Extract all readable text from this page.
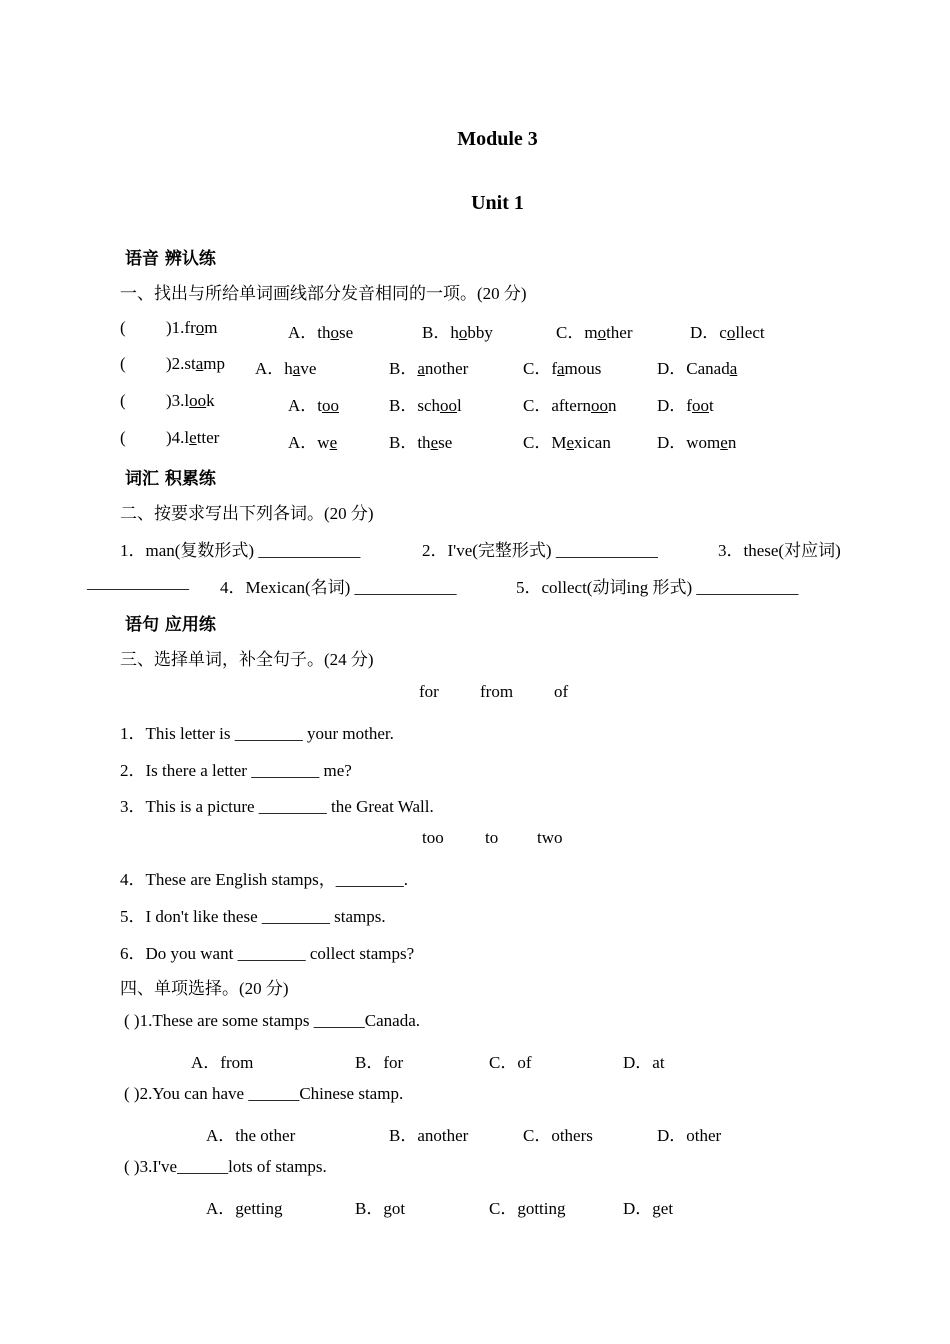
Module 3
Unit 1
语音 辨认练
一、找出与所给单词画线部分发音相同的一项。(20 分)
( )1.from	A．those	B．hobby	C．mother	D．collect
( )2.stamp A．have	B．another	C．famous	D．Canada
( )3.look	A．too	B．school	C．afternoon D．foot
( )4.letter	A．we	B．these	C．Mexican	D．women
词汇 积累练
二、按要求写出下列各词。(20 分)
1．man(复数形式) ____________	2．I've(完整形式) ____________	3．these(对应词)
____________ 4．Mexican(名词) ____________	5．collect(动词ing 形式) ____________
语句 应用练
三、选择单词，补全句子。(24 分)
for from of
1．This letter is ________ your mother.
2．Is there a letter ________ me?
3．This is a picture ________ the Great Wall.
too to two
4．These are English stamps，________.
5．I don't like these ________ stamps.
6．Do you want ________ collect stamps?
四、单项选择。(20 分)
( )1.These are some stamps ______Canada.
A．from	B．for	C．of	D．at
( )2.You can have ______Chinese stamp.
A．the other	B．another	C．others	D．other
( )3.I've______lots of stamps.
A．getting	B．got	C．gotting	D．get
